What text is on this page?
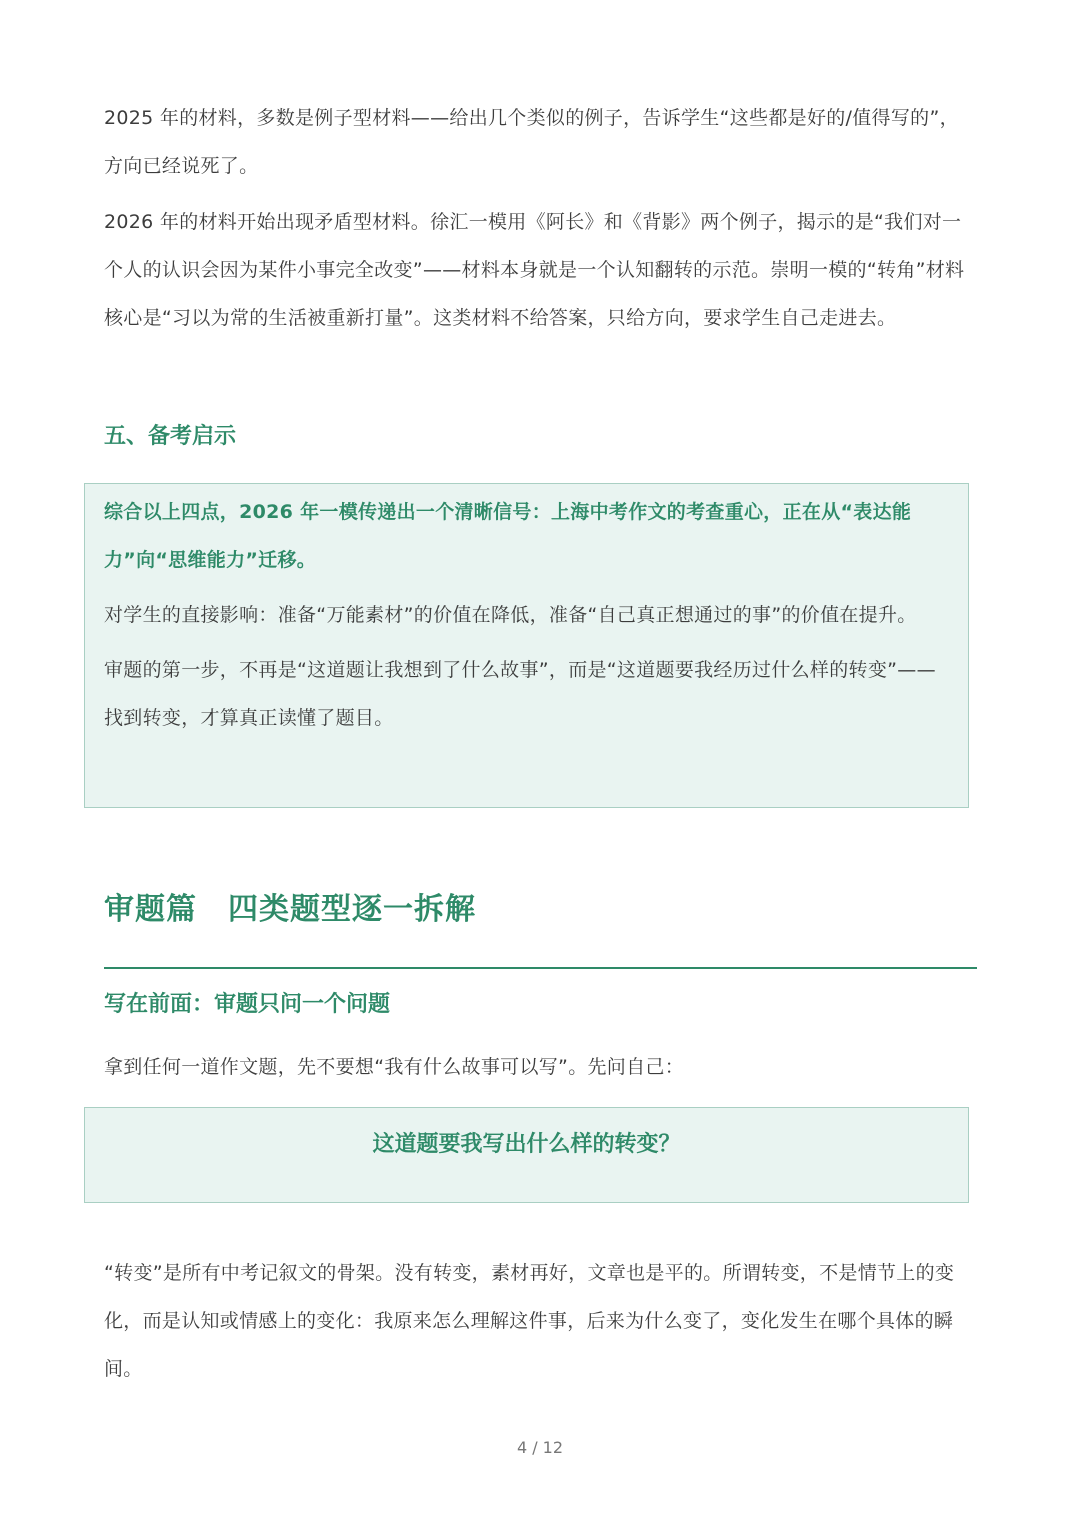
2025 年的材料，多数是例子型材料——给出几个类似的例子，告诉学生“这些都是好的/值得写的”，方向已经说死了。

2026 年的材料开始出现矛盾型材料。徐汇一模用《阿长》和《背影》两个例子，揭示的是“我们对一个人的认识会因为某件小事完全改变”——材料本身就是一个认知翻转的示范。崇明一模的“转角”材料核心是“习以为常的生活被重新打量”。这类材料不给答案，只给方向，要求学生自己走进去。

五、备考启示

综合以上四点，2026 年一模传递出一个清晰信号：上海中考作文的考查重心，正在从“表达能力”向“思维能力”迁移。

对学生的直接影响：准备“万能素材”的价值在降低，准备“自己真正想通过的事”的价值在提升。

审题的第一步，不再是“这道题让我想到了什么故事”，而是“这道题要我经历过什么样的转变”——找到转变，才算真正读懂了题目。

审题篇　四类题型逐一拆解
写在前面：审题只问一个问题

拿到任何一道作文题，先不要想“我有什么故事可以写”。先问自己：

这道题要我写出什么样的转变？

“转变”是所有中考记叙文的骨架。没有转变，素材再好，文章也是平的。所谓转变，不是情节上的变化，而是认知或情感上的变化：我原来怎么理解这件事，后来为什么变了，变化发生在哪个具体的瞬间。

4 / 12
